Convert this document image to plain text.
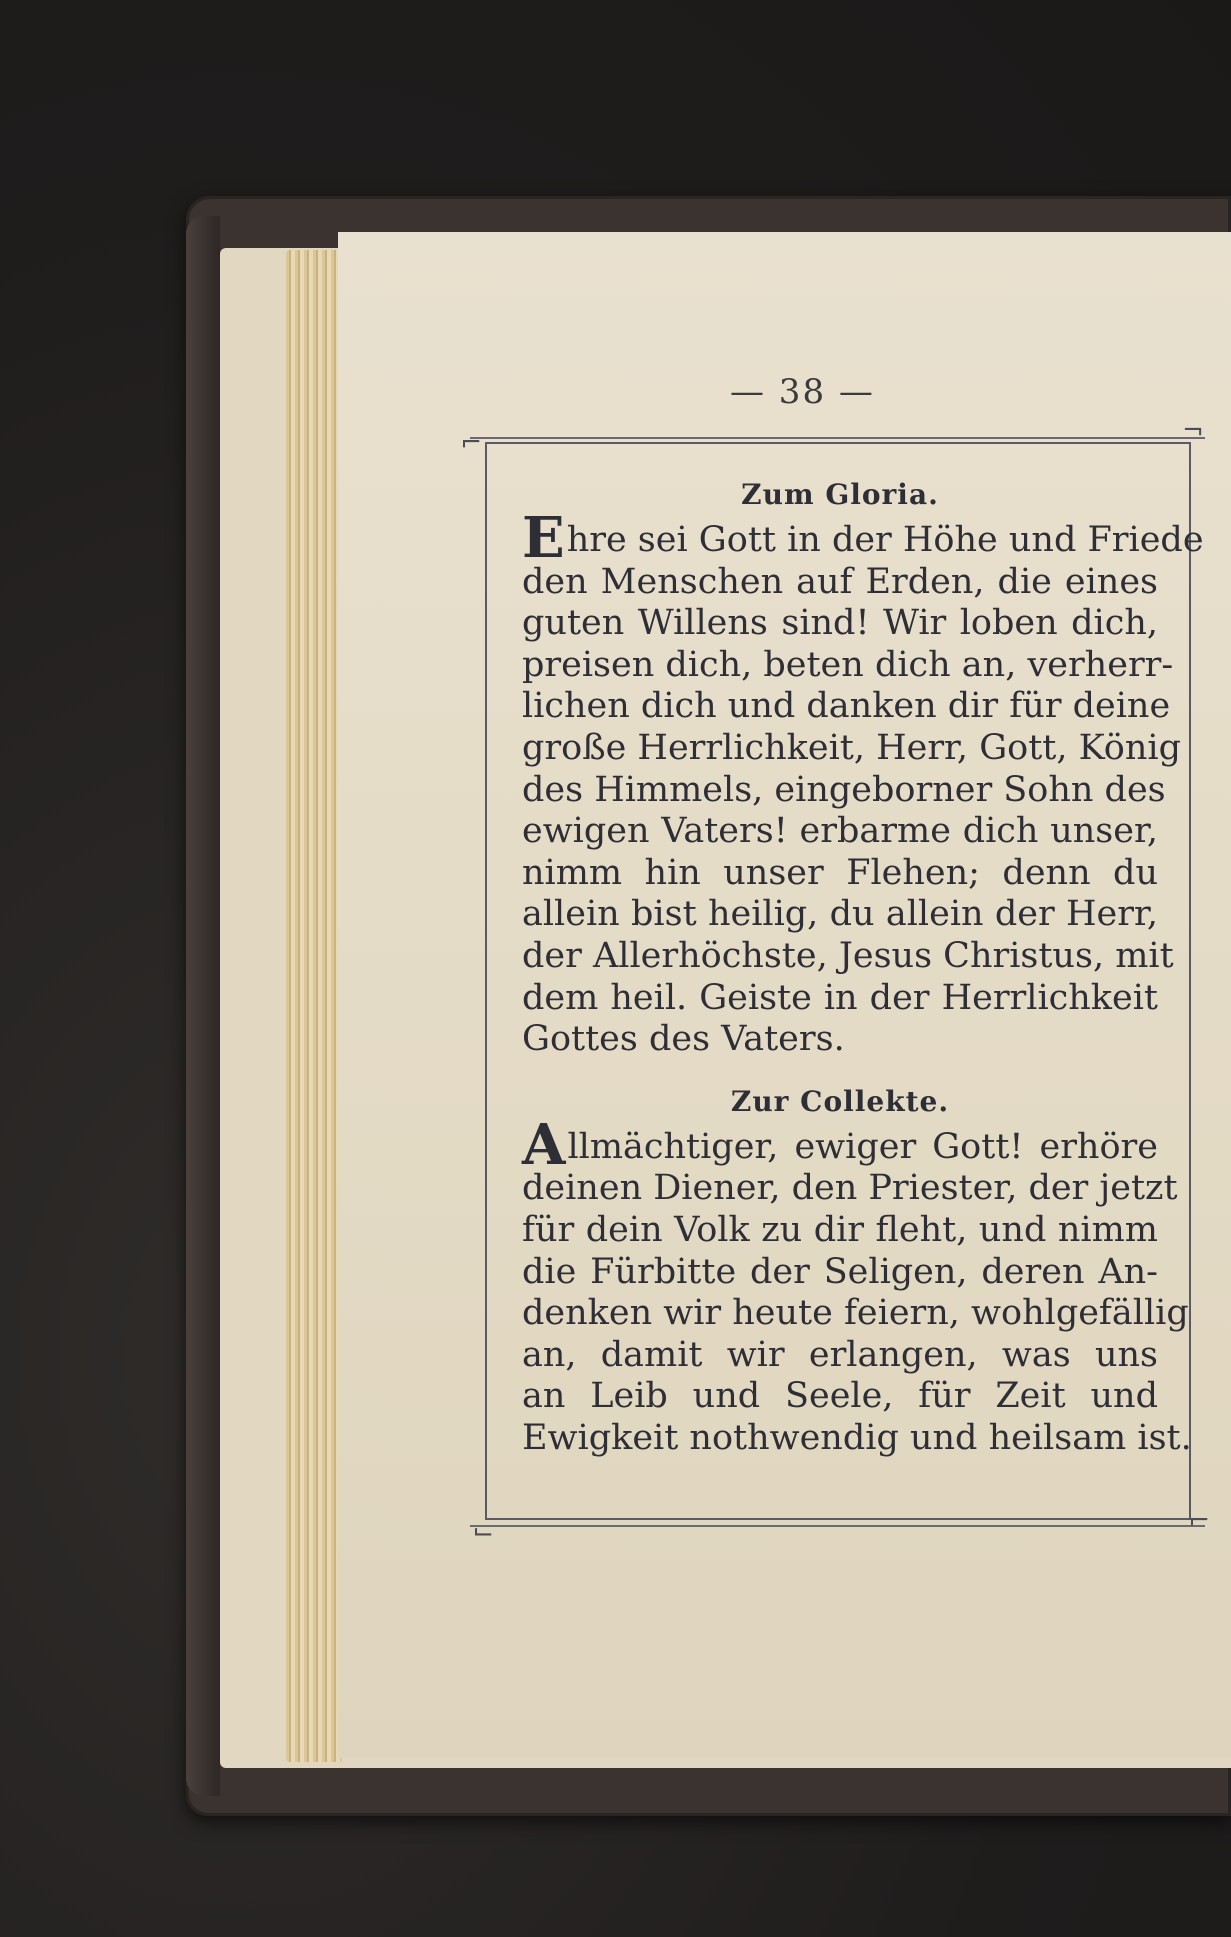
— 38 —
⌐	¬
⌙	⌐
Zum Gloria.

Ehre sei Gott in der Höhe und Friede
den Menschen auf Erden, die eines
guten Willens sind! Wir loben dich,
preisen dich, beten dich an, verherr-
lichen dich und danken dir für deine
große Herrlichkeit, Herr, Gott, König
des Himmels, eingeborner Sohn des
ewigen Vaters! erbarme dich unser,
nimm hin unser Flehen; denn du
allein bist heilig, du allein der Herr,
der Allerhöchste, Jesus Christus, mit
dem heil. Geiste in der Herrlichkeit
Gottes des Vaters.

Zur Collekte.

Allmächtiger, ewiger Gott! erhöre
deinen Diener, den Priester, der jetzt
für dein Volk zu dir fleht, und nimm
die Fürbitte der Seligen, deren An-
denken wir heute feiern, wohlgefällig
an, damit wir erlangen, was uns
an Leib und Seele, für Zeit und
Ewigkeit nothwendig und heilsam ist.
